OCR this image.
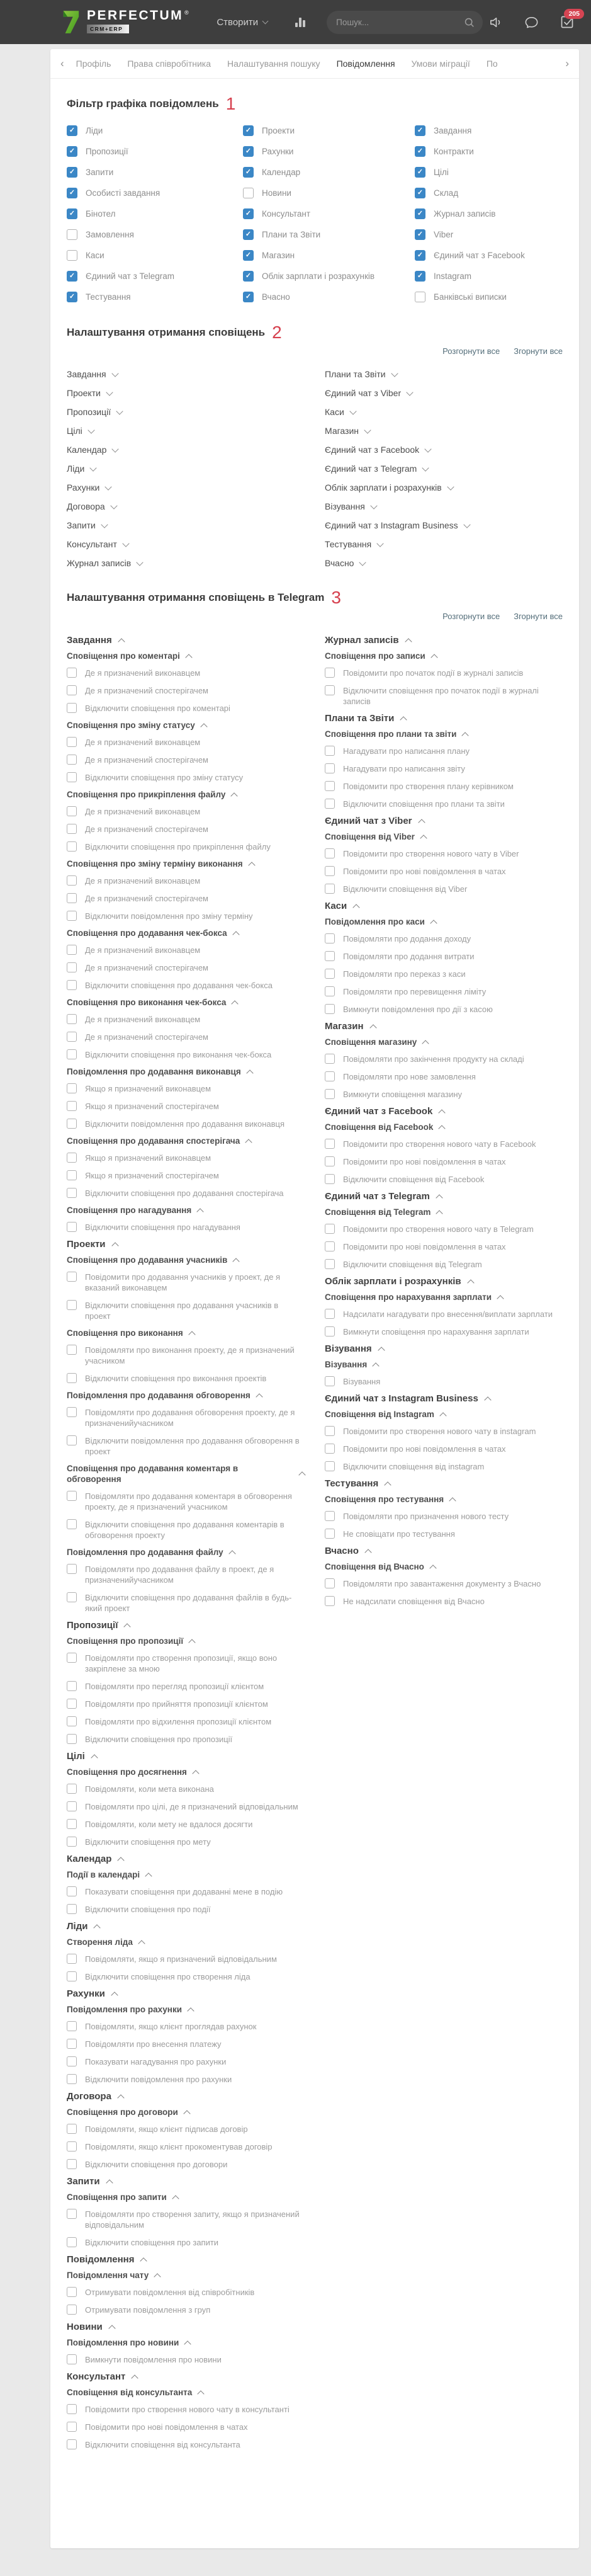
PERFECTUM ®
CRM+ERP
Створити
Пошук...
205
‹	Профіль Права співробітника Налаштування пошуку Повідомлення Умови міграції По	›
Фільтр графіка повідомлень 1
✓
Ліди
✓
Пропозиції
✓
Запити
✓
Особисті завдання
✓
Бінотел
Замовлення
Каси
✓
Єдиний чат з Telegram
✓
Тестування
✓
Проекти
✓
Рахунки
✓
Календар
Новини
✓
Консультант
✓
Плани та Звіти
✓
Магазин
✓
Облік зарплати і розрахунків
✓
Вчасно
✓
Завдання
✓
Контракти
✓
Цілі
✓
Склад
✓
Журнал записів
✓
Viber
✓
Єдиний чат з Facebook
✓
Instagram
Банківські виписки
Налаштування отримання сповіщень 2
Розгорнути все Згорнути все
Завдання
Проекти
Пропозиції
Цілі
Календар
Ліди
Рахунки
Договора
Запити
Консультант
Журнал записів
Плани та Звіти
Єдиний чат з Viber
Каси
Магазин
Єдиний чат з Facebook
Єдиний чат з Telegram
Облік зарплати і розрахунків
Візування
Єдиний чат з Instagram Business
Тестування
Вчасно
Налаштування отримання сповіщень в Telegram 3
Розгорнути все Згорнути все
Завдання
Сповіщення про коментарі
Де я призначений виконавцем
Де я призначений спостерігачем
Відключити сповіщення про коментарі
Сповіщення про зміну статусу
Де я призначений виконавцем
Де я призначений спостерігачем
Відключити сповіщення про зміну статусу
Сповіщення про прикріплення файлу
Де я призначений виконавцем
Де я призначений спостерігачем
Відключити сповіщення про прикріплення файлу
Сповіщення про зміну терміну виконання
Де я призначений виконавцем
Де я призначений спостерігачем
Відключити повідомлення про зміну терміну
Сповіщення про додавання чек-бокса
Де я призначений виконавцем
Де я призначений спостерігачем
Відключити сповіщення про додавання чек-бокса
Сповіщення про виконання чек-бокса
Де я призначений виконавцем
Де я призначений спостерігачем
Відключити сповіщення про виконання чек-бокса
Повідомлення про додавання виконавця
Якщо я призначений виконавцем
Якщо я призначений спостерігачем
Відключити повідомлення про додавання виконавця
Сповіщення про додавання спостерігача
Якщо я призначений виконавцем
Якщо я призначений спостерігачем
Відключити сповіщення про додавання спостерігача
Сповіщення про нагадування
Відключити сповіщення про нагадування
Проекти
Сповіщення про додавання учасників
Повідомити про додавання учасників у проект, де я вказаний виконавцем
Відключити сповіщення про додавання учасників в проект
Сповіщення про виконання
Повідомляти про виконання проекту, де я призначений учасником
Відключити сповіщення про виконання проектів
Повідомлення про додавання обговорення
Повідомляти про додавання обговорення проекту, де я призначенийучасником
Відключити повідомлення про додавання обговорення в проект
Сповіщення про додавання коментаря в обговорення
Повідомляти про додавання коментаря в обговорення проекту, де я призначений учасником
Відключити сповіщення про додавання коментарів в обговорення проекту
Повідомлення про додавання файлу
Повідомляти про додавання файлу в проект, де я призначенийучасником
Відключити сповіщення про додавання файлів в будь-який проект
Пропозиції
Сповіщення про пропозиції
Повідомляти про створення пропозиції, якщо воно закріплене за мною
Повідомляти про перегляд пропозиції клієнтом
Повідомляти про прийняття пропозиції клієнтом
Повідомляти про відхилення пропозиції клієнтом
Відключити сповіщення про пропозиції
Цілі
Сповіщення про досягнення
Повідомляти, коли мета виконана
Повідомляти про цілі, де я призначений відповідальним
Повідомляти, коли мету не вдалося досягти
Відключити сповіщення про мету
Календар
Події в календарі
Показувати сповіщення при додаванні мене в подію
Відключити сповіщення про події
Ліди
Створення ліда
Повідомляти, якщо я призначений відповідальним
Відключити сповіщення про створення ліда
Рахунки
Повідомлення про рахунки
Повідомляти, якщо клієнт проглядав рахунок
Повідомляти про внесення платежу
Показувати нагадування про рахунки
Відключити повідомлення про рахунки
Договора
Сповіщення про договори
Повідомляти, якщо клієнт підписав договір
Повідомляти, якщо клієнт прокоментував договір
Відключити сповіщення про договори
Запити
Сповіщення про запити
Повідомляти про створення запиту, якщо я призначений відповідальним
Відключити сповіщення про запити
Повідомлення
Повідомлення чату
Отримувати повідомлення від співробітників
Отримувати повідомлення з груп
Новини
Повідомлення про новини
Вимкнути повідомлення про новини
Консультант
Сповіщення від консультанта
Повідомити про створення нового чату в консультанті
Повідомити про нові повідомлення в чатах
Відключити сповіщення від консультанта
Журнал записів
Сповіщення про записи
Повідомити про початок події в журналі записів
Відключити сповіщення про початок події в журналі записів
Плани та Звіти
Сповіщення про плани та звіти
Нагадувати про написання плану
Нагадувати про написання звіту
Повідомити про створення плану керівником
Відключити сповіщення про плани та звіти
Єдиний чат з Viber
Сповіщення від Viber
Повідомити про створення нового чату в Viber
Повідомити про нові повідомлення в чатах
Відключити сповіщення від Viber
Каси
Повідомлення про каси
Повідомляти про додання доходу
Повідомляти про додання витрати
Повідомляти про переказ з каси
Повідомляти про перевищення ліміту
Вимкнути повідомлення про дії з касою
Магазин
Сповіщення магазину
Повідомляти про закінчення продукту на складі
Повідомляти про нове замовлення
Вимкнути сповіщення магазину
Єдиний чат з Facebook
Сповіщення від Facebook
Повідомити про створення нового чату в Facebook
Повідомити про нові повідомлення в чатах
Відключити сповіщення від Facebook
Єдиний чат з Telegram
Сповіщення від Telegram
Повідомити про створення нового чату в Telegram
Повідомити про нові повідомлення в чатах
Відключити сповіщення від Telegram
Облік зарплати і розрахунків
Сповіщення про нарахування зарплати
Надсилати нагадувати про внесення/виплати зарплати
Вимкнути сповіщення про нарахування зарплати
Візування
Візування
Візування
Єдиний чат з Instagram Business
Сповіщення від Instagram
Повідомити про створення нового чату в instagram
Повідомити про нові повідомлення в чатах
Відключити сповіщення від instagram
Тестування
Сповіщення про тестування
Повідомляти про призначення нового тесту
Не сповіщати про тестування
Вчасно
Сповіщення від Вчасно
Повідомляти про завантаження документу з Вчасно
Не надсилати сповіщення від Вчасно
